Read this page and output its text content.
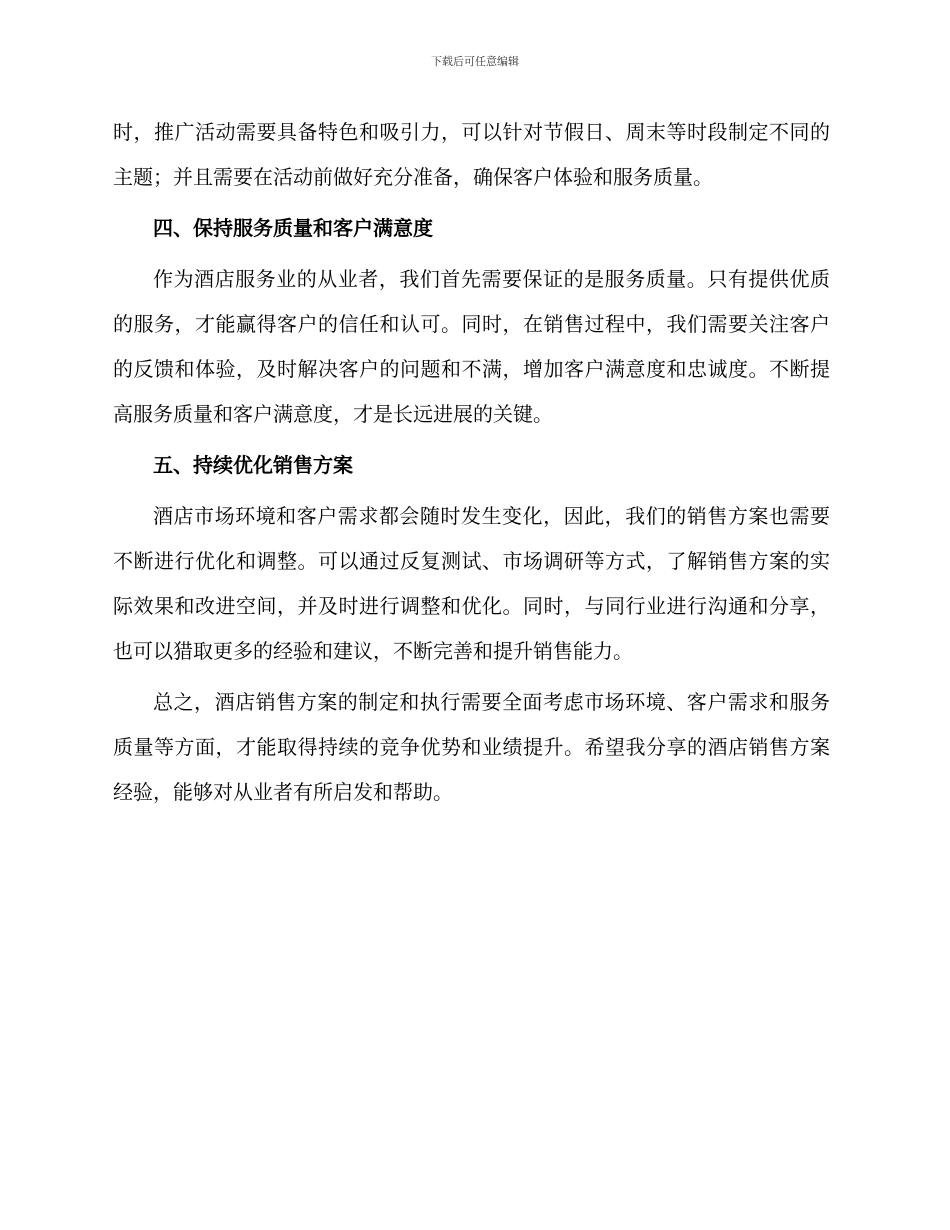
下载后可任意编辑

时，推广活动需要具备特色和吸引力，可以针对节假日、周末等时段制定不同的主题；并且需要在活动前做好充分准备，确保客户体验和服务质量。

四、保持服务质量和客户满意度

作为酒店服务业的从业者，我们首先需要保证的是服务质量。只有提供优质的服务，才能赢得客户的信任和认可。同时，在销售过程中，我们需要关注客户的反馈和体验，及时解决客户的问题和不满，增加客户满意度和忠诚度。不断提高服务质量和客户满意度，才是长远进展的关键。

五、持续优化销售方案

酒店市场环境和客户需求都会随时发生变化，因此，我们的销售方案也需要不断进行优化和调整。可以通过反复测试、市场调研等方式，了解销售方案的实际效果和改进空间，并及时进行调整和优化。同时，与同行业进行沟通和分享，也可以猎取更多的经验和建议，不断完善和提升销售能力。

总之，酒店销售方案的制定和执行需要全面考虑市场环境、客户需求和服务质量等方面，才能取得持续的竞争优势和业绩提升。希望我分享的酒店销售方案经验，能够对从业者有所启发和帮助。
